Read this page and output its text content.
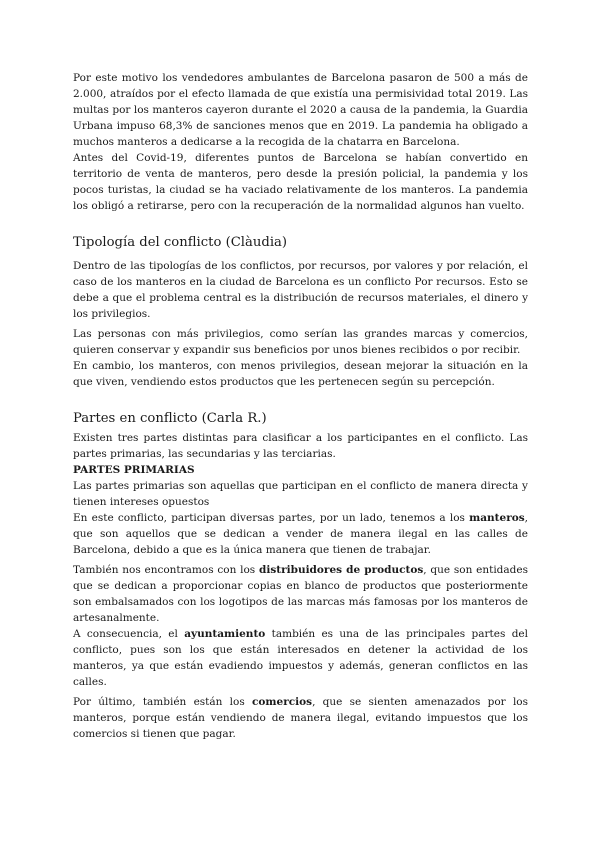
Por este motivo los vendedores ambulantes de Barcelona pasaron de 500 a más de 2.000, atraídos por el efecto llamada de que existía una permisividad total 2019. Las multas por los manteros cayeron durante el 2020 a causa de la pandemia, la Guardia Urbana impuso 68,3% de sanciones menos que en 2019. La pandemia ha obligado a muchos manteros a dedicarse a la recogida de la chatarra en Barcelona.

Antes del Covid-19, diferentes puntos de Barcelona se habían convertido en territorio de venta de manteros, pero desde la presión policial, la pandemia y los pocos turistas, la ciudad se ha vaciado relativamente de los manteros. La pandemia los obligó a retirarse, pero con la recuperación de la normalidad algunos han vuelto.

Tipología del conflicto (Clàudia)

Dentro de las tipologías de los conflictos, por recursos, por valores y por relación, el caso de los manteros en la ciudad de Barcelona es un conflicto Por recursos. Esto se debe a que el problema central es la distribución de recursos materiales, el dinero y los privilegios.

Las personas con más privilegios, como serían las grandes marcas y comercios, quieren conservar y expandir sus beneficios por unos bienes recibidos o por recibir.

En cambio, los manteros, con menos privilegios, desean mejorar la situación en la que viven, vendiendo estos productos que les pertenecen según su percepción.

Partes en conflicto (Carla R.)

Existen tres partes distintas para clasificar a los participantes en el conflicto. Las partes primarias, las secundarias y las terciarias.

PARTES PRIMARIAS

Las partes primarias son aquellas que participan en el conflicto de manera directa y tienen intereses opuestos

En este conflicto, participan diversas partes, por un lado, tenemos a los manteros, que son aquellos que se dedican a vender de manera ilegal en las calles de Barcelona, debido a que es la única manera que tienen de trabajar.

También nos encontramos con los distribuidores de productos, que son entidades que se dedican a proporcionar copias en blanco de productos que posteriormente son embalsamados con los logotipos de las marcas más famosas por los manteros de artesanalmente.

A consecuencia, el ayuntamiento también es una de las principales partes del conflicto, pues son los que están interesados en detener la actividad de los manteros, ya que están evadiendo impuestos y además, generan conflictos en las calles.

Por último, también están los comercios, que se sienten amenazados por los manteros, porque están vendiendo de manera ilegal, evitando impuestos que los comercios si tienen que pagar.
